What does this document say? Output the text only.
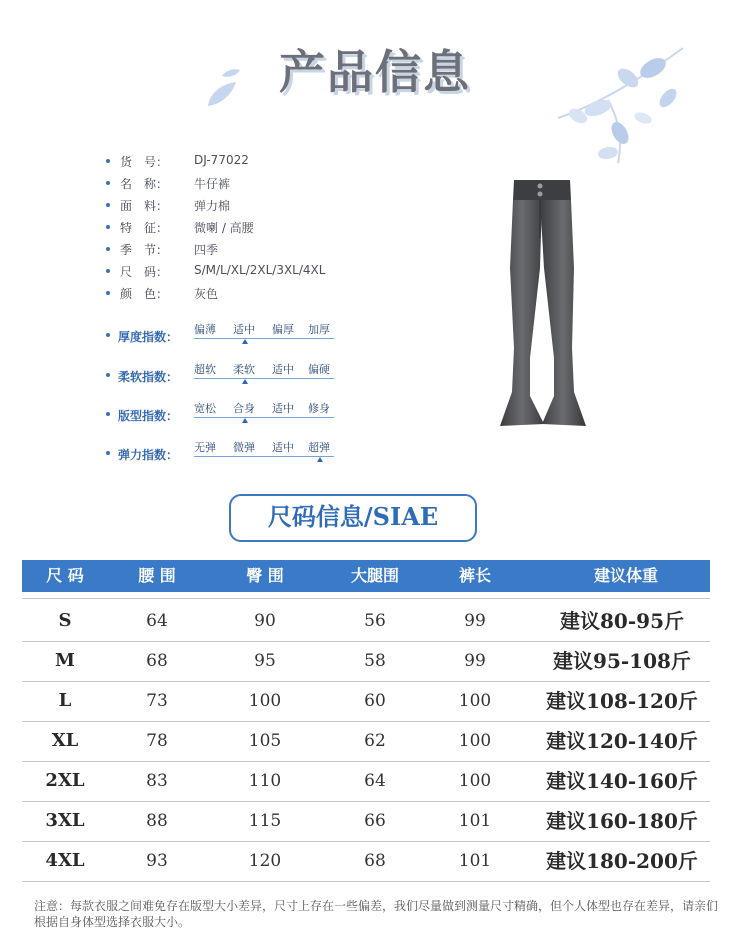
产品信息
货　号：	DJ-77022
名　称：	牛仔裤
面　料：	弹力棉
特　征：	微喇 / 高腰
季　节：	四季
尺　码：	S/M/L/XL/2XL/3XL/4XL
颜　色：	灰色
厚度指数：
偏薄 适中 偏厚 加厚
柔软指数：
超软 柔软 适中 偏硬
版型指数：
宽松 合身 适中 修身
弹力指数：
无弹 微弹 适中 超弹
尺码信息/SIAE
尺 码	腰 围	臀 围	大腿围	裤长	建议体重
S	64	90	56	99	建议80-95斤
M	68	95	58	99	建议95-108斤
L	73	100	60	100	建议108-120斤
XL	78	105	62	100	建议120-140斤
2XL	83	110	64	100	建议140-160斤
3XL	88	115	66	101	建议160-180斤
4XL	93	120	68	101	建议180-200斤
注意：每款衣服之间难免存在版型大小差异，尺寸上存在一些偏差，我们尽量做到测量尺寸精确，但个人体型也存在差异，请亲们根据自身体型选择衣服大小。
